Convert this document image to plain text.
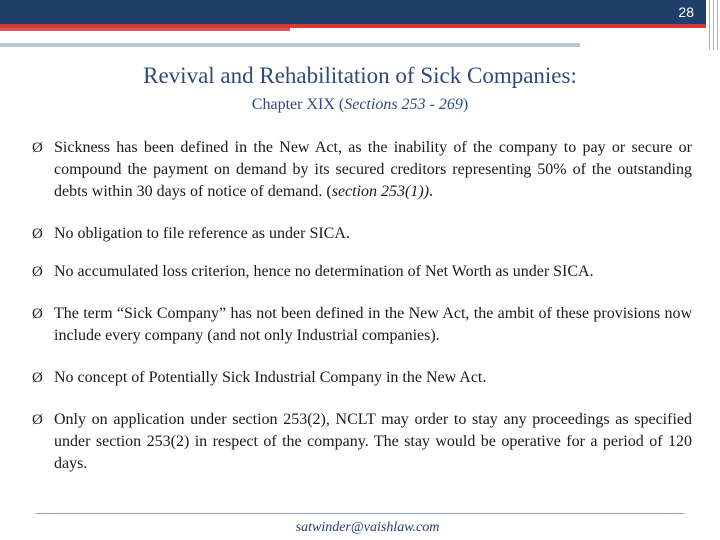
28
Revival and Rehabilitation of Sick Companies:
Chapter XIX (Sections 253 - 269)
Ø Sickness has been defined in the New Act, as the inability of the company to pay or secure or compound the payment on demand by its secured creditors representing 50% of the outstanding debts within 30 days of notice of demand. (section 253(1)).
Ø No obligation to file reference as under SICA.
Ø No accumulated loss criterion, hence no determination of Net Worth as under SICA.
Ø The term “Sick Company” has not been defined in the New Act, the ambit of these provisions now include every company (and not only Industrial companies).
Ø No concept of Potentially Sick Industrial Company in the New Act.
Ø Only on application under section 253(2), NCLT may order to stay any proceedings as specified under section 253(2) in respect of the company. The stay would be operative for a period of 120 days.
satwinder@vaishlaw.com
